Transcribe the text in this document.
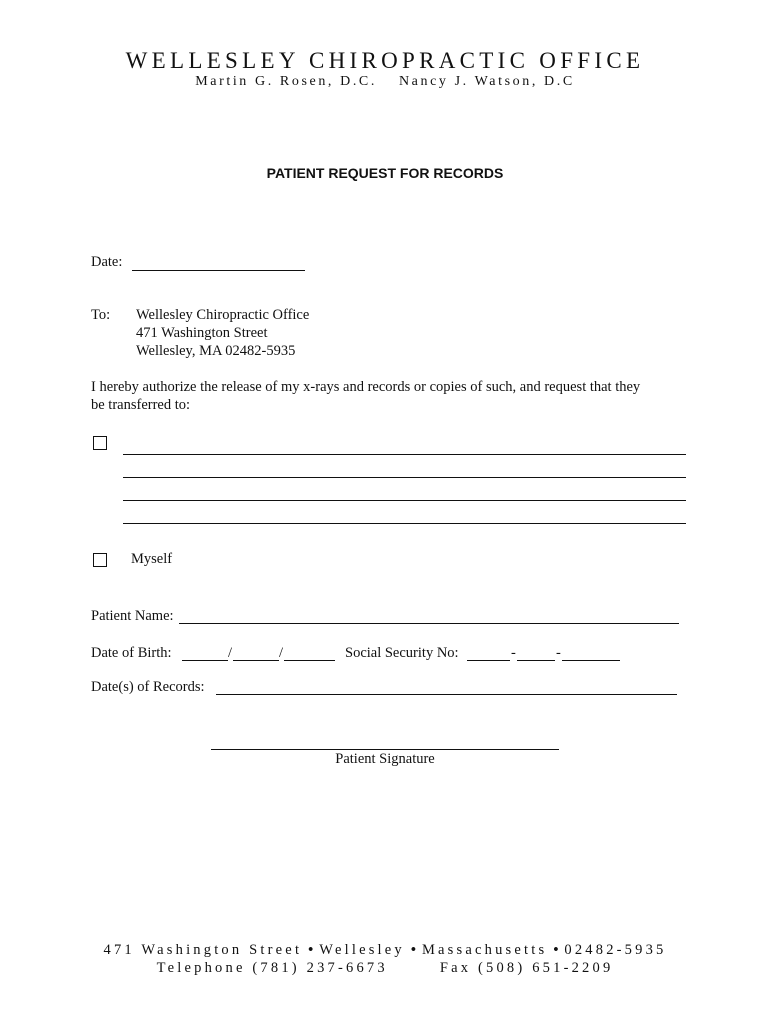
WELLESLEY CHIROPRACTIC OFFICE
Martin G. Rosen, D.C. Nancy J. Watson, D.C
PATIENT REQUEST FOR RECORDS
Date:
To: Wellesley Chiropractic Office
471 Washington Street
Wellesley, MA 02482-5935
I hereby authorize the release of my x-rays and records or copies of such, and request that they
be transferred to:
Myself
Patient Name:
Date of Birth:	/	/	Social Security No:	-	-
Date(s) of Records:
Patient Signature
471 Washington Street • Wellesley • Massachusetts • 02482-5935
Telephone (781) 237-6673	Fax (508) 651-2209
